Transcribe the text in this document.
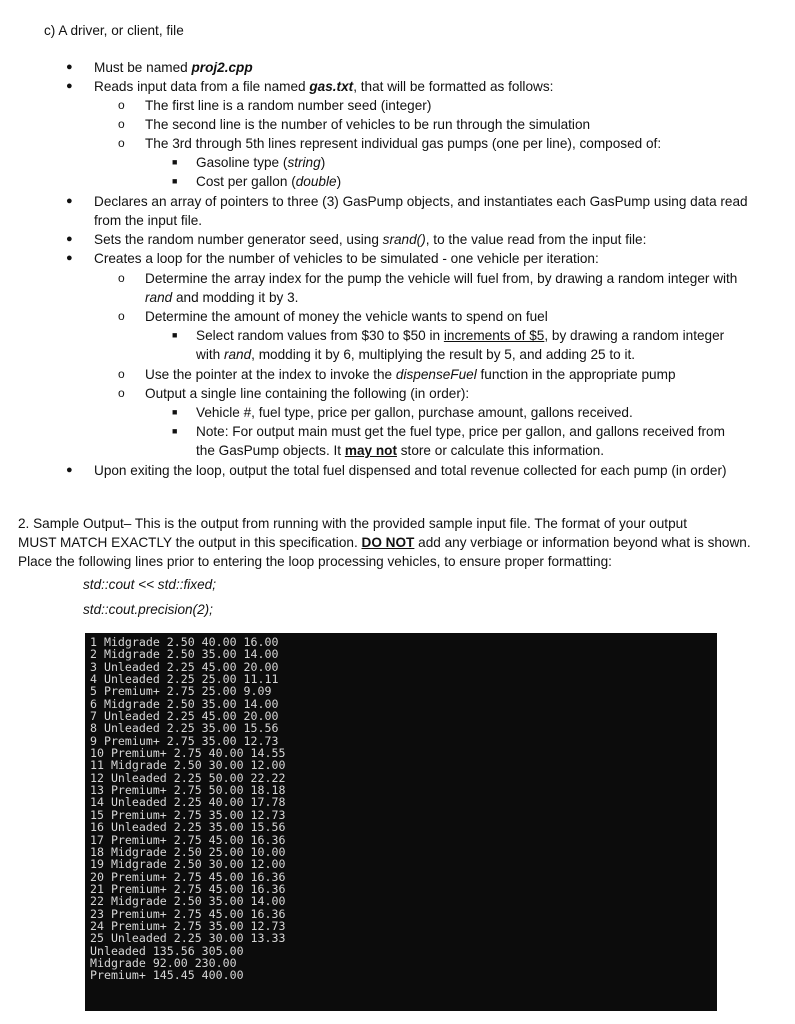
c) A driver, or client, file
● Must be named proj2.cpp
● Reads input data from a file named gas.txt, that will be formatted as follows:
o The first line is a random number seed (integer)
o The second line is the number of vehicles to be run through the simulation
o The 3rd through 5th lines represent individual gas pumps (one per line), composed of:
■ Gasoline type (string)
■ Cost per gallon (double)
● Declares an array of pointers to three (3) GasPump objects, and instantiates each GasPump using data read
from the input file.
● Sets the random number generator seed, using srand(), to the value read from the input file:
● Creates a loop for the number of vehicles to be simulated - one vehicle per iteration:
o Determine the array index for the pump the vehicle will fuel from, by drawing a random integer with
rand and modding it by 3.
o Determine the amount of money the vehicle wants to spend on fuel
■ Select random values from $30 to $50 in increments of $5, by drawing a random integer
with rand, modding it by 6, multiplying the result by 5, and adding 25 to it.
o Use the pointer at the index to invoke the dispenseFuel function in the appropriate pump
o Output a single line containing the following (in order):
■ Vehicle #, fuel type, price per gallon, purchase amount, gallons received.
■ Note: For output main must get the fuel type, price per gallon, and gallons received from
the GasPump objects. It may not store or calculate this information.
● Upon exiting the loop, output the total fuel dispensed and total revenue collected for each pump (in order)
2. Sample Output– This is the output from running with the provided sample input file. The format of your output
MUST MATCH EXACTLY the output in this specification. DO NOT add any verbiage or information beyond what is shown.
Place the following lines prior to entering the loop processing vehicles, to ensure proper formatting:
std::cout << std::fixed;
std::cout.precision(2);
1 Midgrade 2.50 40.00 16.00
2 Midgrade 2.50 35.00 14.00
3 Unleaded 2.25 45.00 20.00
4 Unleaded 2.25 25.00 11.11
5 Premium+ 2.75 25.00 9.09
6 Midgrade 2.50 35.00 14.00
7 Unleaded 2.25 45.00 20.00
8 Unleaded 2.25 35.00 15.56
9 Premium+ 2.75 35.00 12.73
10 Premium+ 2.75 40.00 14.55
11 Midgrade 2.50 30.00 12.00
12 Unleaded 2.25 50.00 22.22
13 Premium+ 2.75 50.00 18.18
14 Unleaded 2.25 40.00 17.78
15 Premium+ 2.75 35.00 12.73
16 Unleaded 2.25 35.00 15.56
17 Premium+ 2.75 45.00 16.36
18 Midgrade 2.50 25.00 10.00
19 Midgrade 2.50 30.00 12.00
20 Premium+ 2.75 45.00 16.36
21 Premium+ 2.75 45.00 16.36
22 Midgrade 2.50 35.00 14.00
23 Premium+ 2.75 45.00 16.36
24 Premium+ 2.75 35.00 12.73
25 Unleaded 2.25 30.00 13.33
Unleaded 135.56 305.00
Midgrade 92.00 230.00
Premium+ 145.45 400.00
